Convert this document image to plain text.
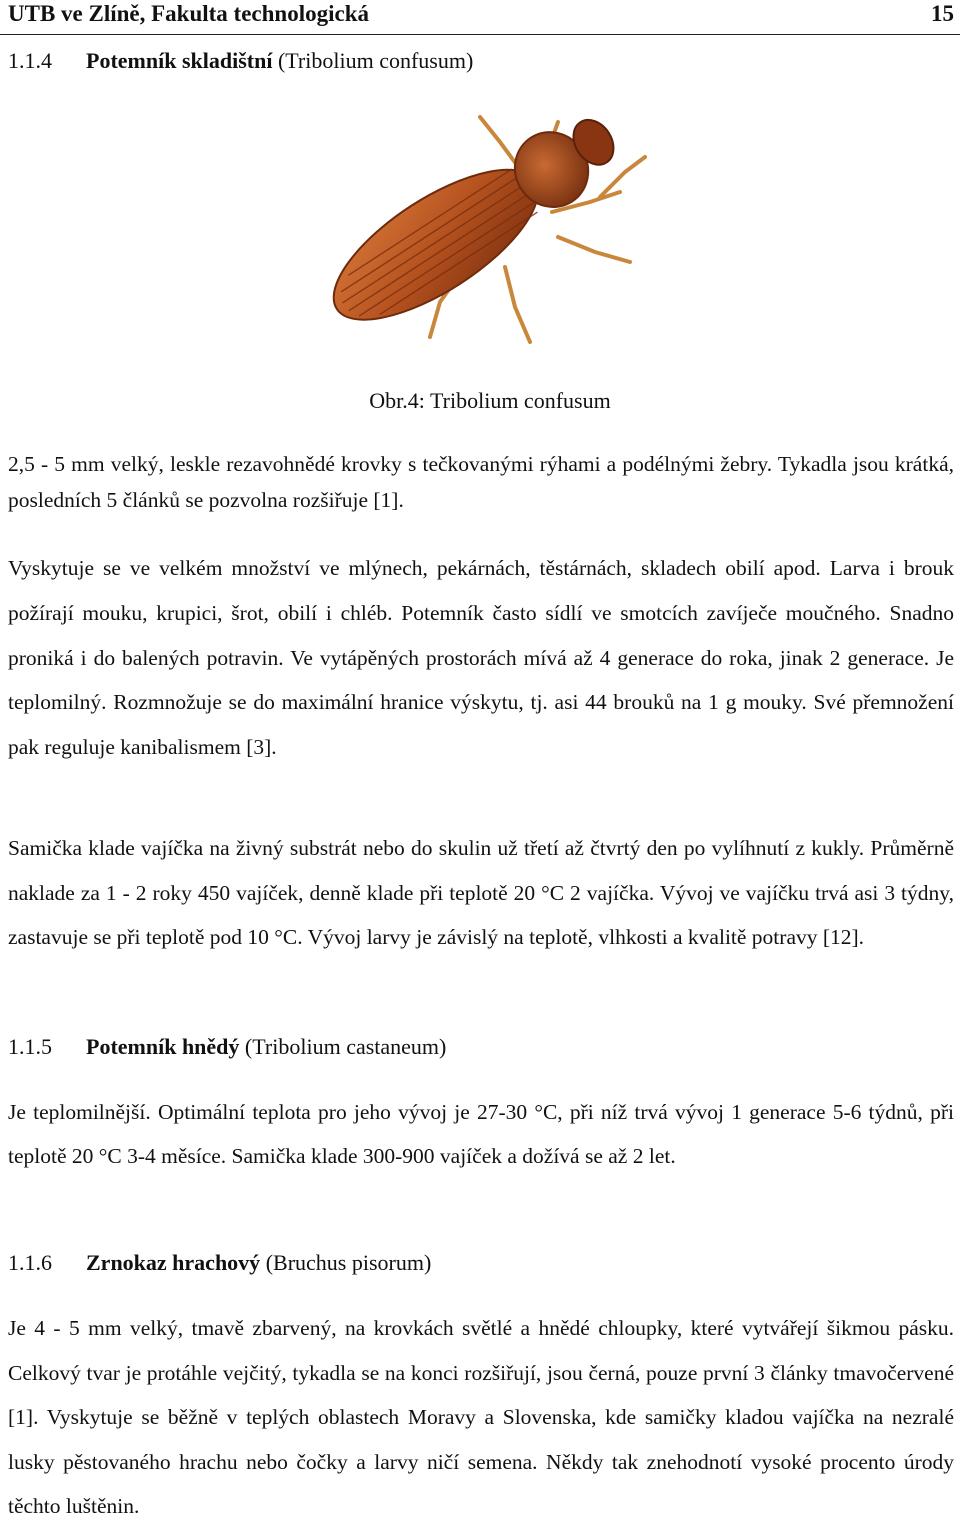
UTB ve Zlíně, Fakulta technologická	15
1.1.4 Potemník skladištní (Tribolium confusum)
Obr.4: Tribolium confusum

2,5 - 5 mm velký, leskle rezavohnědé krovky s tečkovanými rýhami a podélnými žebry. Tykadla jsou krátká, posledních 5 článků se pozvolna rozšiřuje [1].

Vyskytuje se ve velkém množství ve mlýnech, pekárnách, těstárnách, skladech obilí apod. Larva i brouk požírají mouku, krupici, šrot, obilí i chléb. Potemník často sídlí ve smotcích zavíječe moučného. Snadno proniká i do balených potravin. Ve vytápěných prostorách mívá až 4 generace do roka, jinak 2 generace. Je teplomilný. Rozmnožuje se do maximální hranice výskytu, tj. asi 44 brouků na 1 g mouky. Své přemnožení pak reguluje kanibalismem [3].

Samička klade vajíčka na živný substrát nebo do skulin už třetí až čtvrtý den po vylíhnutí z kukly. Průměrně naklade za 1 - 2 roky 450 vajíček, denně klade při teplotě 20 °C 2 vajíčka. Vývoj ve vajíčku trvá asi 3 týdny, zastavuje se při teplotě pod 10 °C. Vývoj larvy je závislý na teplotě, vlhkosti a kvalitě potravy [12].

1.1.5 Potemník hnědý (Tribolium castaneum)

Je teplomilnější. Optimální teplota pro jeho vývoj je 27-30 °C, při níž trvá vývoj 1 generace 5-6 týdnů, při teplotě 20 °C 3-4 měsíce. Samička klade 300-900 vajíček a dožívá se až 2 let.

1.1.6 Zrnokaz hrachový (Bruchus pisorum)

Je 4 - 5 mm velký, tmavě zbarvený, na krovkách světlé a hnědé chloupky, které vytvářejí šikmou pásku. Celkový tvar je protáhle vejčitý, tykadla se na konci rozšiřují, jsou černá, pouze první 3 články tmavočervené [1]. Vyskytuje se běžně v teplých oblastech Moravy a Slovenska, kde samičky kladou vajíčka na nezralé lusky pěstovaného hrachu nebo čočky a larvy ničí semena. Někdy tak znehodnotí vysoké procento úrody těchto luštěnin.
